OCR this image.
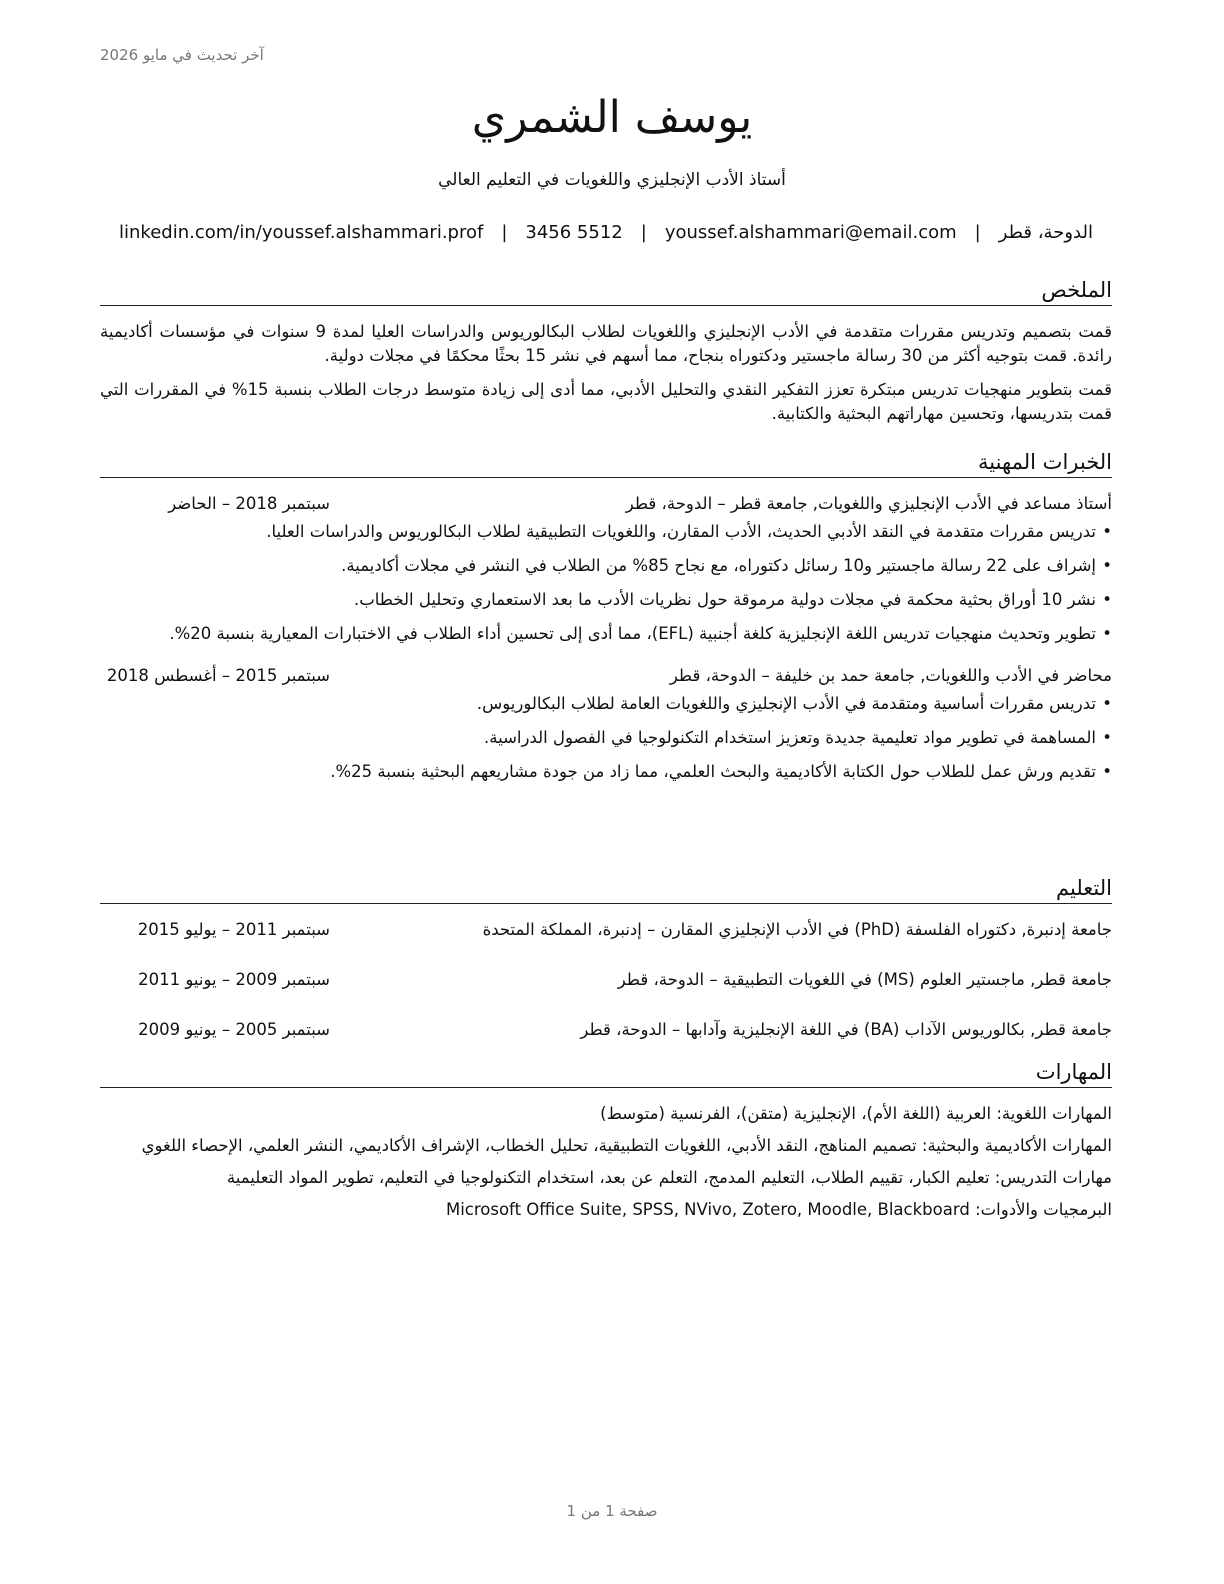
آخر تحديث في مايو 2026
يوسف الشمري
أستاذ الأدب الإنجليزي واللغويات في التعليم العالي
الدوحة، قطر
|
youssef.alshammari@email.com
|
3456 5512
|
linkedin.com/in/youssef.alshammari.prof
الملخص

قمت بتصميم وتدريس مقررات متقدمة في الأدب الإنجليزي واللغويات لطلاب البكالوريوس والدراسات العليا لمدة 9 سنوات في مؤسسات أكاديمية رائدة. قمت بتوجيه أكثر من 30 رسالة ماجستير ودكتوراه بنجاح، مما أسهم في نشر 15 بحثًا محكمًا في مجلات دولية.

قمت بتطوير منهجيات تدريس مبتكرة تعزز التفكير النقدي والتحليل الأدبي، مما أدى إلى زيادة متوسط درجات الطلاب بنسبة 15% في المقررات التي قمت بتدريسها، وتحسين مهاراتهم البحثية والكتابية.

الخبرات المهنية
أستاذ مساعد في الأدب الإنجليزي واللغويات, جامعة قطر – الدوحة، قطر
سبتمبر 2018 – الحاضر
• تدريس مقررات متقدمة في النقد الأدبي الحديث، الأدب المقارن، واللغويات التطبيقية لطلاب البكالوريوس والدراسات العليا.
• إشراف على 22 رسالة ماجستير و10 رسائل دكتوراه، مع نجاح 85% من الطلاب في النشر في مجلات أكاديمية.
• نشر 10 أوراق بحثية محكمة في مجلات دولية مرموقة حول نظريات الأدب ما بعد الاستعماري وتحليل الخطاب.
• تطوير وتحديث منهجيات تدريس اللغة الإنجليزية كلغة أجنبية (EFL)، مما أدى إلى تحسين أداء الطلاب في الاختبارات المعيارية بنسبة 20%.
محاضر في الأدب واللغويات, جامعة حمد بن خليفة – الدوحة، قطر
سبتمبر 2015 – أغسطس 2018
• تدريس مقررات أساسية ومتقدمة في الأدب الإنجليزي واللغويات العامة لطلاب البكالوريوس.
• المساهمة في تطوير مواد تعليمية جديدة وتعزيز استخدام التكنولوجيا في الفصول الدراسية.
• تقديم ورش عمل للطلاب حول الكتابة الأكاديمية والبحث العلمي، مما زاد من جودة مشاريعهم البحثية بنسبة 25%.
التعليم
جامعة إدنبرة, دكتوراه الفلسفة (PhD) في الأدب الإنجليزي المقارن – إدنبرة، المملكة المتحدة
سبتمبر 2011 – يوليو 2015
جامعة قطر, ماجستير العلوم (MS) في اللغويات التطبيقية – الدوحة، قطر
سبتمبر 2009 – يونيو 2011
جامعة قطر, بكالوريوس الآداب (BA) في اللغة الإنجليزية وآدابها – الدوحة، قطر
سبتمبر 2005 – يونيو 2009
المهارات
المهارات اللغوية: العربية (اللغة الأم)، الإنجليزية (متقن)، الفرنسية (متوسط)
المهارات الأكاديمية والبحثية: تصميم المناهج، النقد الأدبي، اللغويات التطبيقية، تحليل الخطاب، الإشراف الأكاديمي، النشر العلمي، الإحصاء اللغوي
مهارات التدريس: تعليم الكبار، تقييم الطلاب، التعليم المدمج، التعلم عن بعد، استخدام التكنولوجيا في التعليم، تطوير المواد التعليمية
البرمجيات والأدوات: Microsoft Office Suite, SPSS, NVivo, Zotero, Moodle, Blackboard
صفحة 1 من 1
